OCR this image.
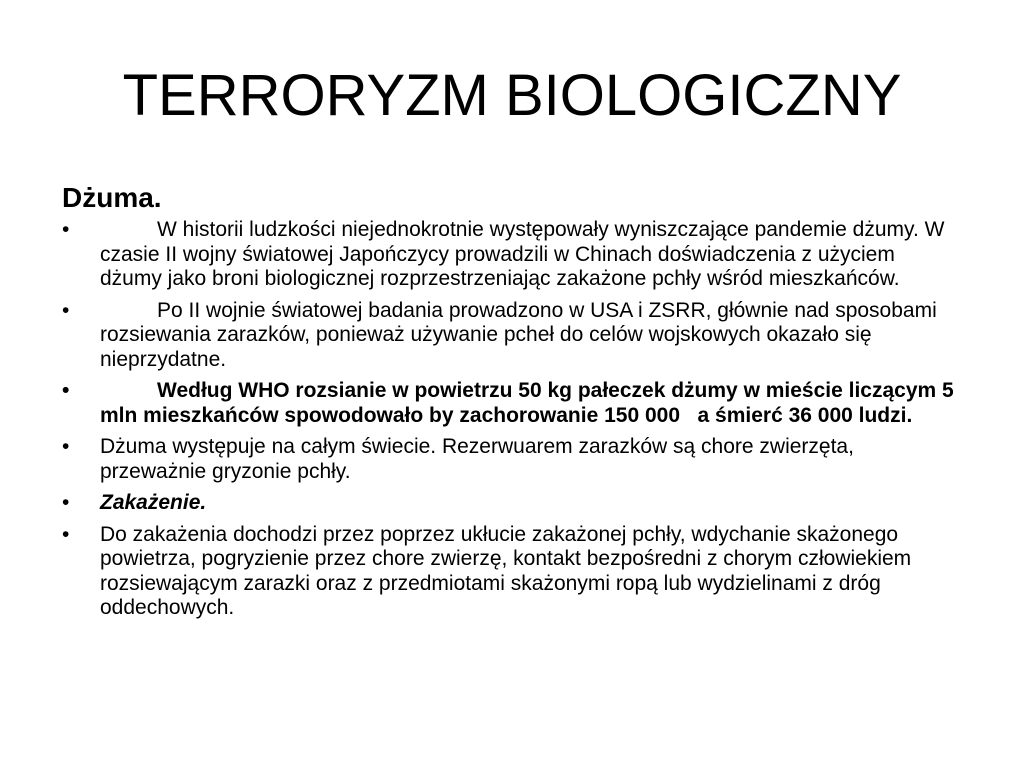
TERRORYZM BIOLOGICZNY
Dżuma.
•	W historii ludzkości niejednokrotnie występowały wyniszczające pandemie dżumy. W czasie II wojny światowej Japończycy prowadzili w Chinach doświadczenia z użyciem dżumy jako broni biologicznej rozprzestrzeniając zakażone pchły wśród mieszkańców.
•	Po II wojnie światowej badania prowadzono w USA i ZSRR, głównie nad sposobami rozsiewania zarazków, ponieważ używanie pcheł do celów wojskowych okazało się nieprzydatne.
•	Według WHO rozsianie w powietrzu 50 kg pałeczek dżumy w mieście liczącym 5 mln mieszkańców spowodowało by zachorowanie 150 000   a śmierć 36 000 ludzi.
• Dżuma występuje na całym świecie. Rezerwuarem zarazków są chore zwierzęta, przeważnie gryzonie pchły.
• Zakażenie.
• Do zakażenia dochodzi przez poprzez ukłucie zakażonej pchły, wdychanie skażonego powietrza, pogryzienie przez chore zwierzę, kontakt bezpośredni z chorym człowiekiem rozsiewającym zarazki oraz z przedmiotami skażonymi ropą lub wydzielinami z dróg oddechowych.
